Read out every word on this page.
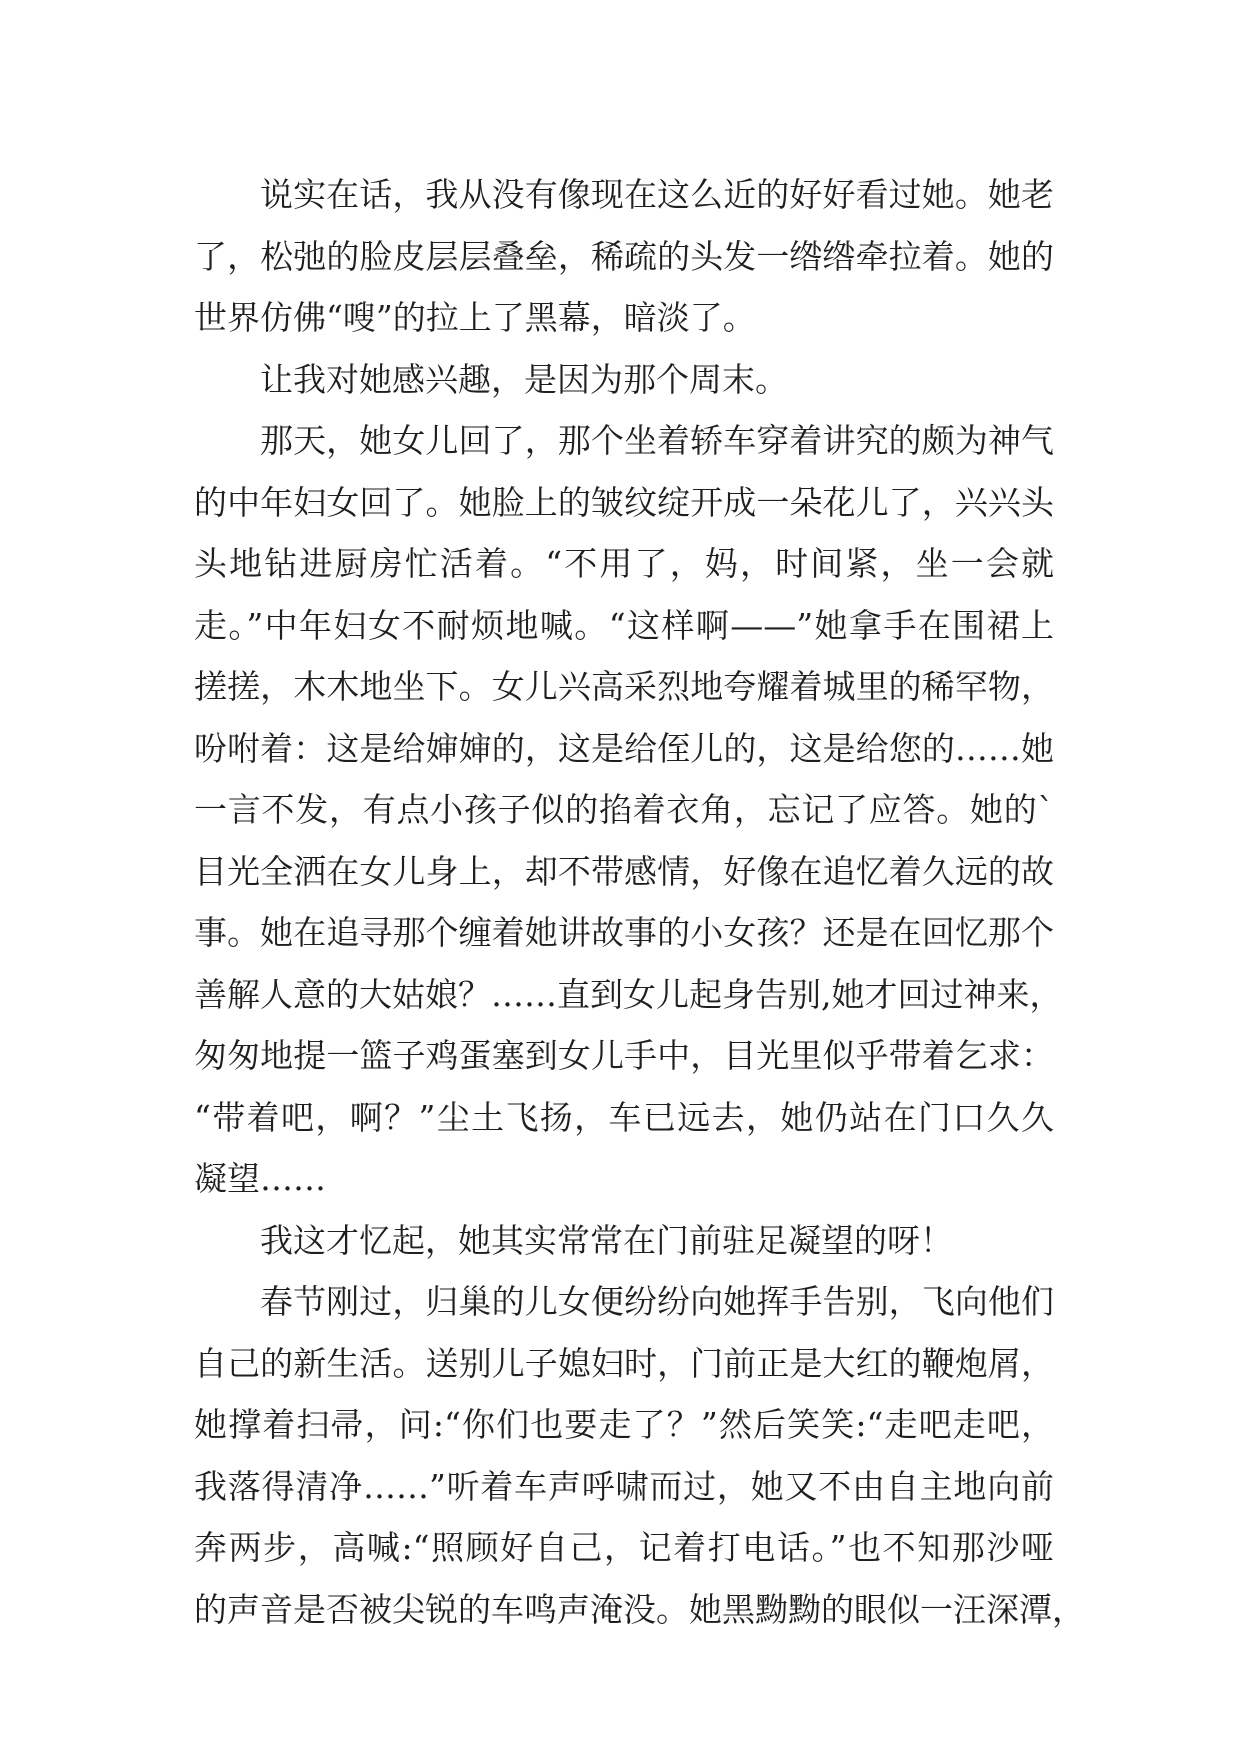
说实在话，我从没有像现在这么近的好好看过她。她老
了，松弛的脸皮层层叠垒，稀疏的头发一绺绺牵拉着。她的
世界仿佛“嗖”的拉上了黑幕，暗淡了。
让我对她感兴趣，是因为那个周末。
那天，她女儿回了，那个坐着轿车穿着讲究的颇为神气
的中年妇女回了。她脸上的皱纹绽开成一朵花儿了，兴兴头
头地钻进厨房忙活着。“不用了，妈，时间紧，坐一会就
走。”中年妇女不耐烦地喊。“这样啊——”她拿手在围裙上
搓搓，木木地坐下。女儿兴高采烈地夸耀着城里的稀罕物，
吩咐着：这是给婶婶的，这是给侄儿的，这是给您的……她
一言不发，有点小孩子似的掐着衣角，忘记了应答。她的`
目光全洒在女儿身上，却不带感情，好像在追忆着久远的故
事。她在追寻那个缠着她讲故事的小女孩？还是在回忆那个
善解人意的大姑娘？……直到女儿起身告别,她才回过神来，
匆匆地提一篮子鸡蛋塞到女儿手中，目光里似乎带着乞求：
“带着吧，啊？”尘土飞扬，车已远去，她仍站在门口久久
凝望……
我这才忆起，她其实常常在门前驻足凝望的呀！
春节刚过，归巢的儿女便纷纷向她挥手告别，飞向他们
自己的新生活。送别儿子媳妇时，门前正是大红的鞭炮屑，
她撑着扫帚，问:“你们也要走了？”然后笑笑:“走吧走吧，
我落得清净……”听着车声呼啸而过，她又不由自主地向前
奔两步，高喊:“照顾好自己，记着打电话。”也不知那沙哑
的声音是否被尖锐的车鸣声淹没。她黑黝黝的眼似一汪深潭，
